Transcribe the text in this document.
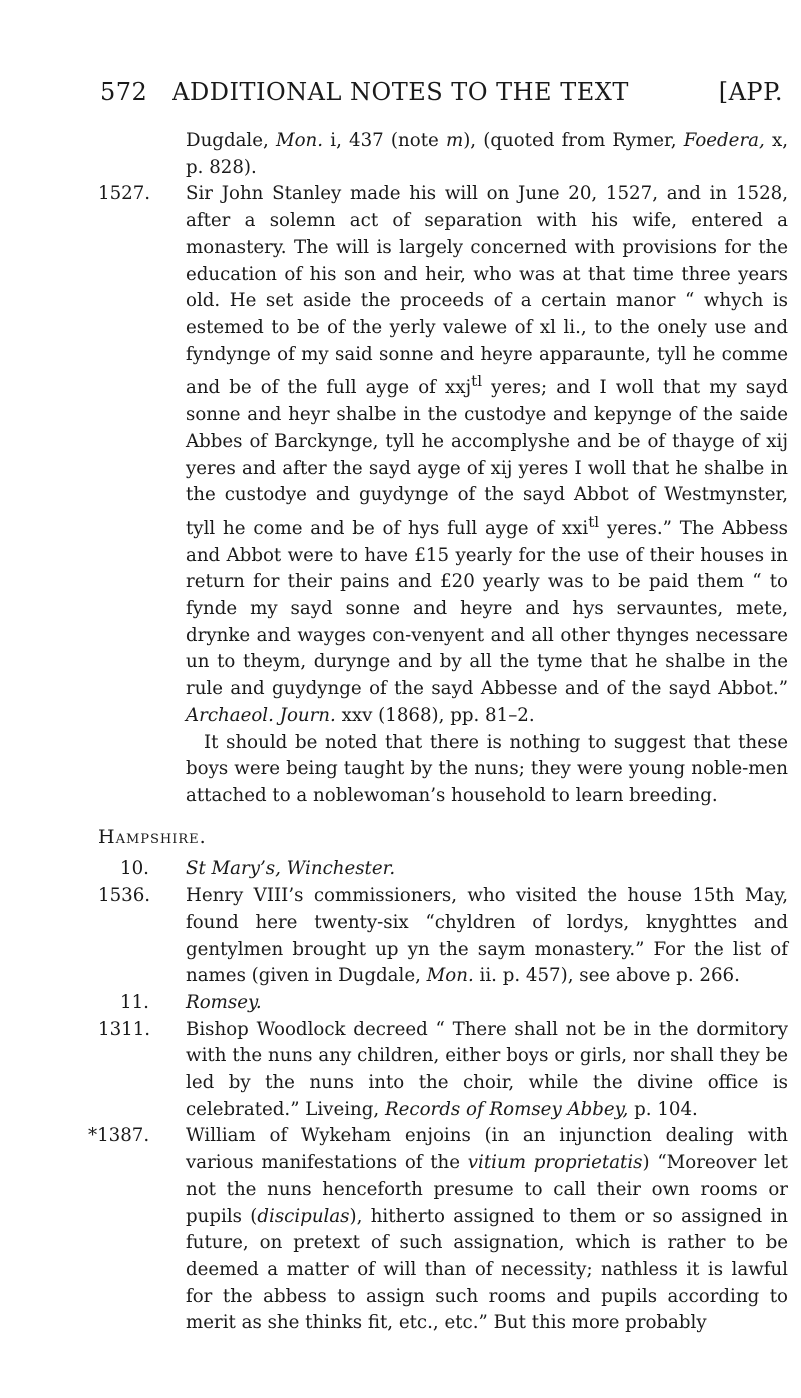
572	ADDITIONAL NOTES TO THE TEXT	[APP.
Dugdale, Mon. i, 437 (note m), (quoted from Rymer, Foedera, x, p. 828).
1527. Sir John Stanley made his will on June 20, 1527, and in 1528, after a solemn act of separation with his wife, entered a monastery. The will is largely concerned with provisions for the education of his son and heir, who was at that time three years old. He set aside the proceeds of a certain manor “ whych is estemed to be of the yerly valewe of xl li., to the onely use and fyndynge of my said sonne and heyre apparaunte, tyll he comme and be of the full ayge of xxj$^{tl}$ yeres; and I woll that my sayd sonne and heyr shalbe in the custodye and kepynge of the saide Abbes of Barckynge, tyll he accomplyshe and be of thayge of xij yeres and after the sayd ayge of xij yeres I woll that he shalbe in the custodye and guydynge of the sayd Abbot of Westmynster, tyll he come and be of hys full ayge of xxi$^{tl}$ yeres.” The Abbess and Abbot were to have £15 yearly for the use of their houses in return for their pains and £20 yearly was to be paid them “ to fynde my sayd sonne and heyre and hys servauntes, mete, drynke and wayges con-venyent and all other thynges necessare un to theym, durynge and by all the tyme that he shalbe in the rule and guydynge of the sayd Abbesse and of the sayd Abbot.” Archaeol. Journ. xxv (1868), pp. 81–2.
It should be noted that there is nothing to suggest that these boys were being taught by the nuns; they were young noble-men attached to a noblewoman’s household to learn breeding.
Hampshire.
10. St Mary’s, Winchester.
1536. Henry VIII’s commissioners, who visited the house 15th May, found here twenty-six “chyldren of lordys, knyghttes and gentylmen brought up yn the saym monastery.” For the list of names (given in Dugdale, Mon. ii. p. 457), see above p. 266.
11. Romsey.
1311. Bishop Woodlock decreed “ There shall not be in the dormitory with the nuns any children, either boys or girls, nor shall they be led by the nuns into the choir, while the divine office is celebrated.” Liveing, Records of Romsey Abbey, p. 104.
*1387. William of Wykeham enjoins (in an injunction dealing with various manifestations of the vitium proprietatis) “Moreover let not the nuns henceforth presume to call their own rooms or pupils (discipulas), hitherto assigned to them or so assigned in future, on pretext of such assignation, which is rather to be deemed a matter of will than of necessity; nathless it is lawful for the abbess to assign such rooms and pupils according to merit as she thinks fit, etc., etc.” But this more probably
